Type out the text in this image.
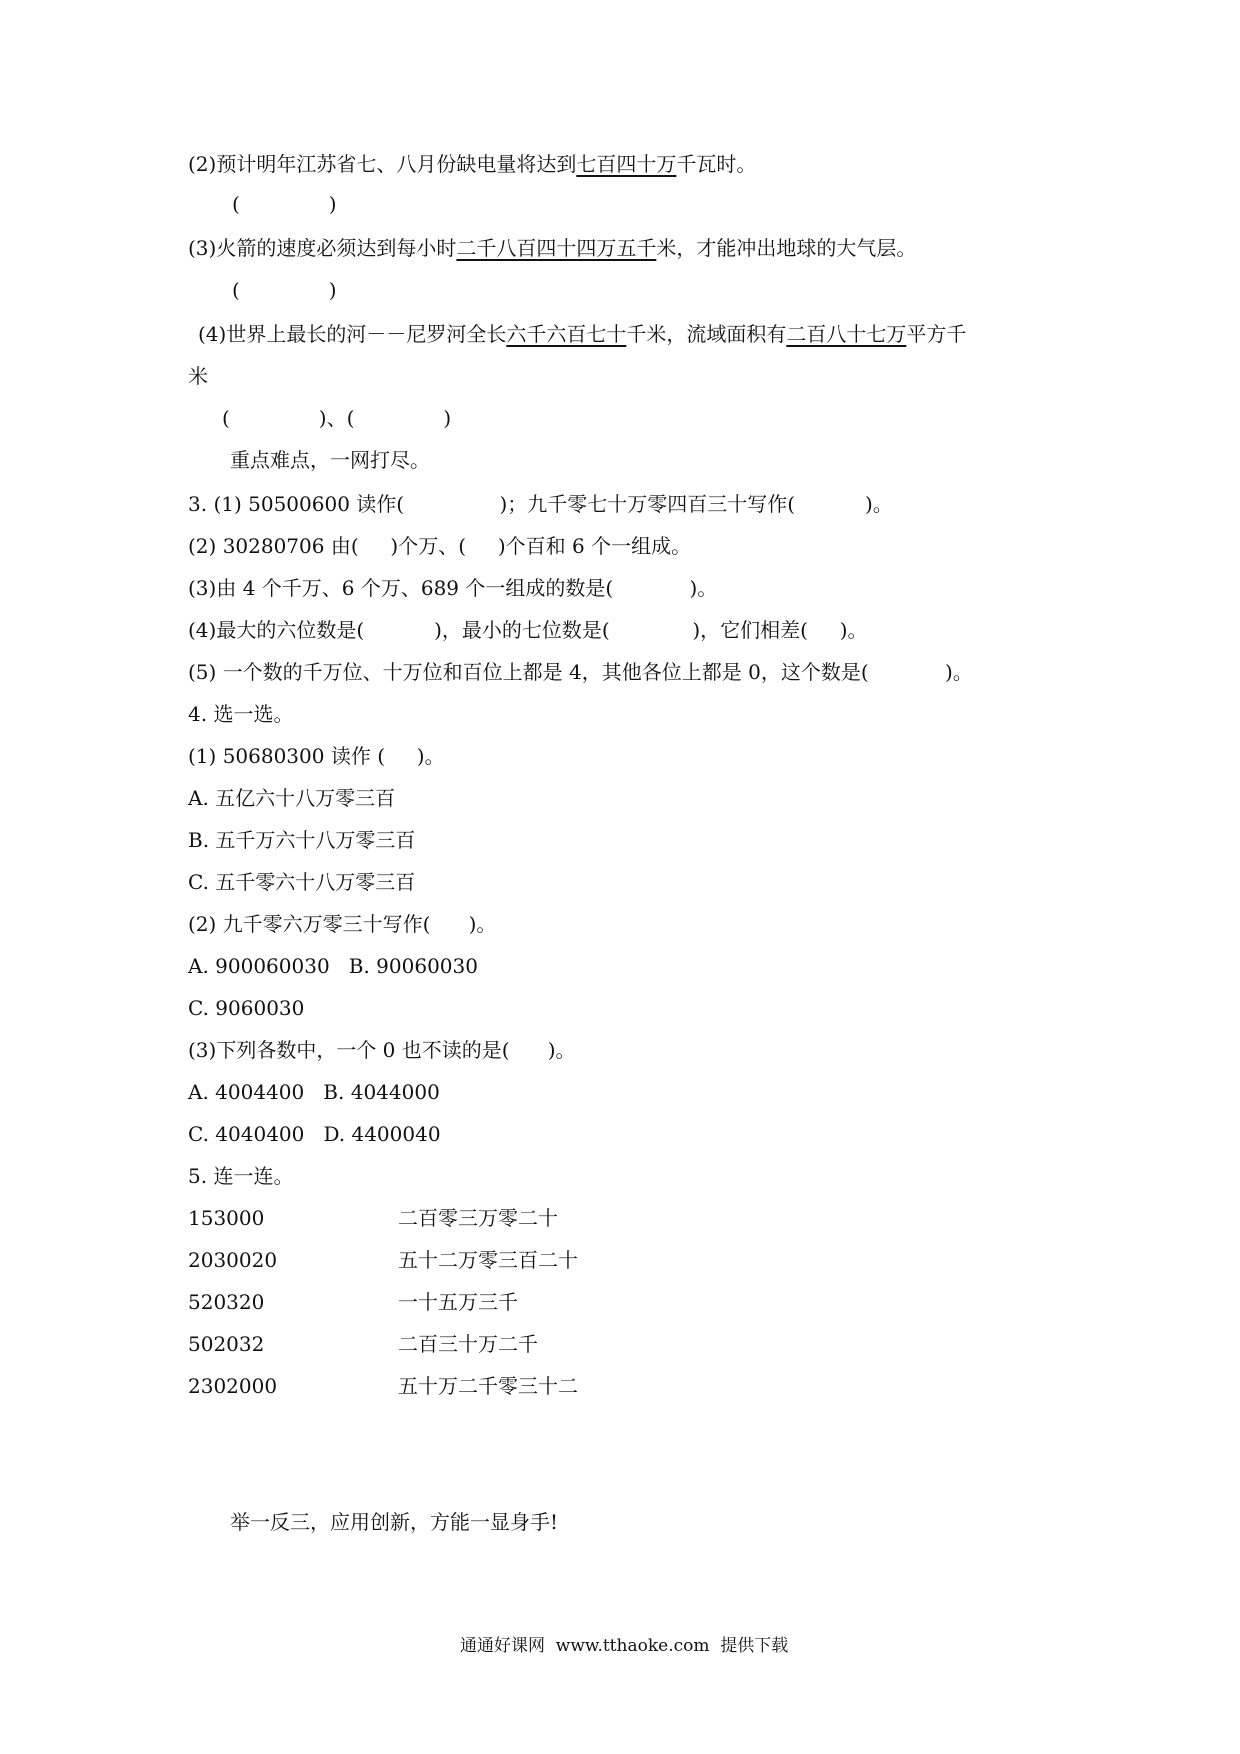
(2)预计明年江苏省七、八月份缺电量将达到七百四十万千瓦时。
(              )
(3)火箭的速度必须达到每小时二千八百四十四万五千米，才能冲出地球的大气层。
(              )
(4)世界上最长的河－－尼罗河全长六千六百七十千米，流域面积有二百八十七万平方千
米
(              )、(              )
重点难点，一网打尽。
3. (1) 50500600 读作(               )；九千零七十万零四百三十写作(           )。
(2) 30280706 由(     )个万、(     )个百和 6 个一组成。
(3)由 4 个千万、6 个万、689 个一组成的数是(            )。
(4)最大的六位数是(           )，最小的七位数是(             )，它们相差(     )。
(5) 一个数的千万位、十万位和百位上都是 4，其他各位上都是 0，这个数是(            )。
4. 选一选。
(1) 50680300 读作 (     )。
A. 五亿六十八万零三百
B. 五千万六十八万零三百
C. 五千零六十八万零三百
(2) 九千零六万零三十写作(      )。
A. 900060030   B. 90060030
C. 9060030
(3)下列各数中，一个 0 也不读的是(      )。
A. 4004400   B. 4044000
C. 4040400   D. 4400040
5. 连一连。
153000	二百零三万零二十
2030020	五十二万零三百二十
520320	一十五万三千
502032	二百三十万二千
2302000	五十万二千零三十二
举一反三，应用创新，方能一显身手!
通通好课网  www.tthaoke.com  提供下载
